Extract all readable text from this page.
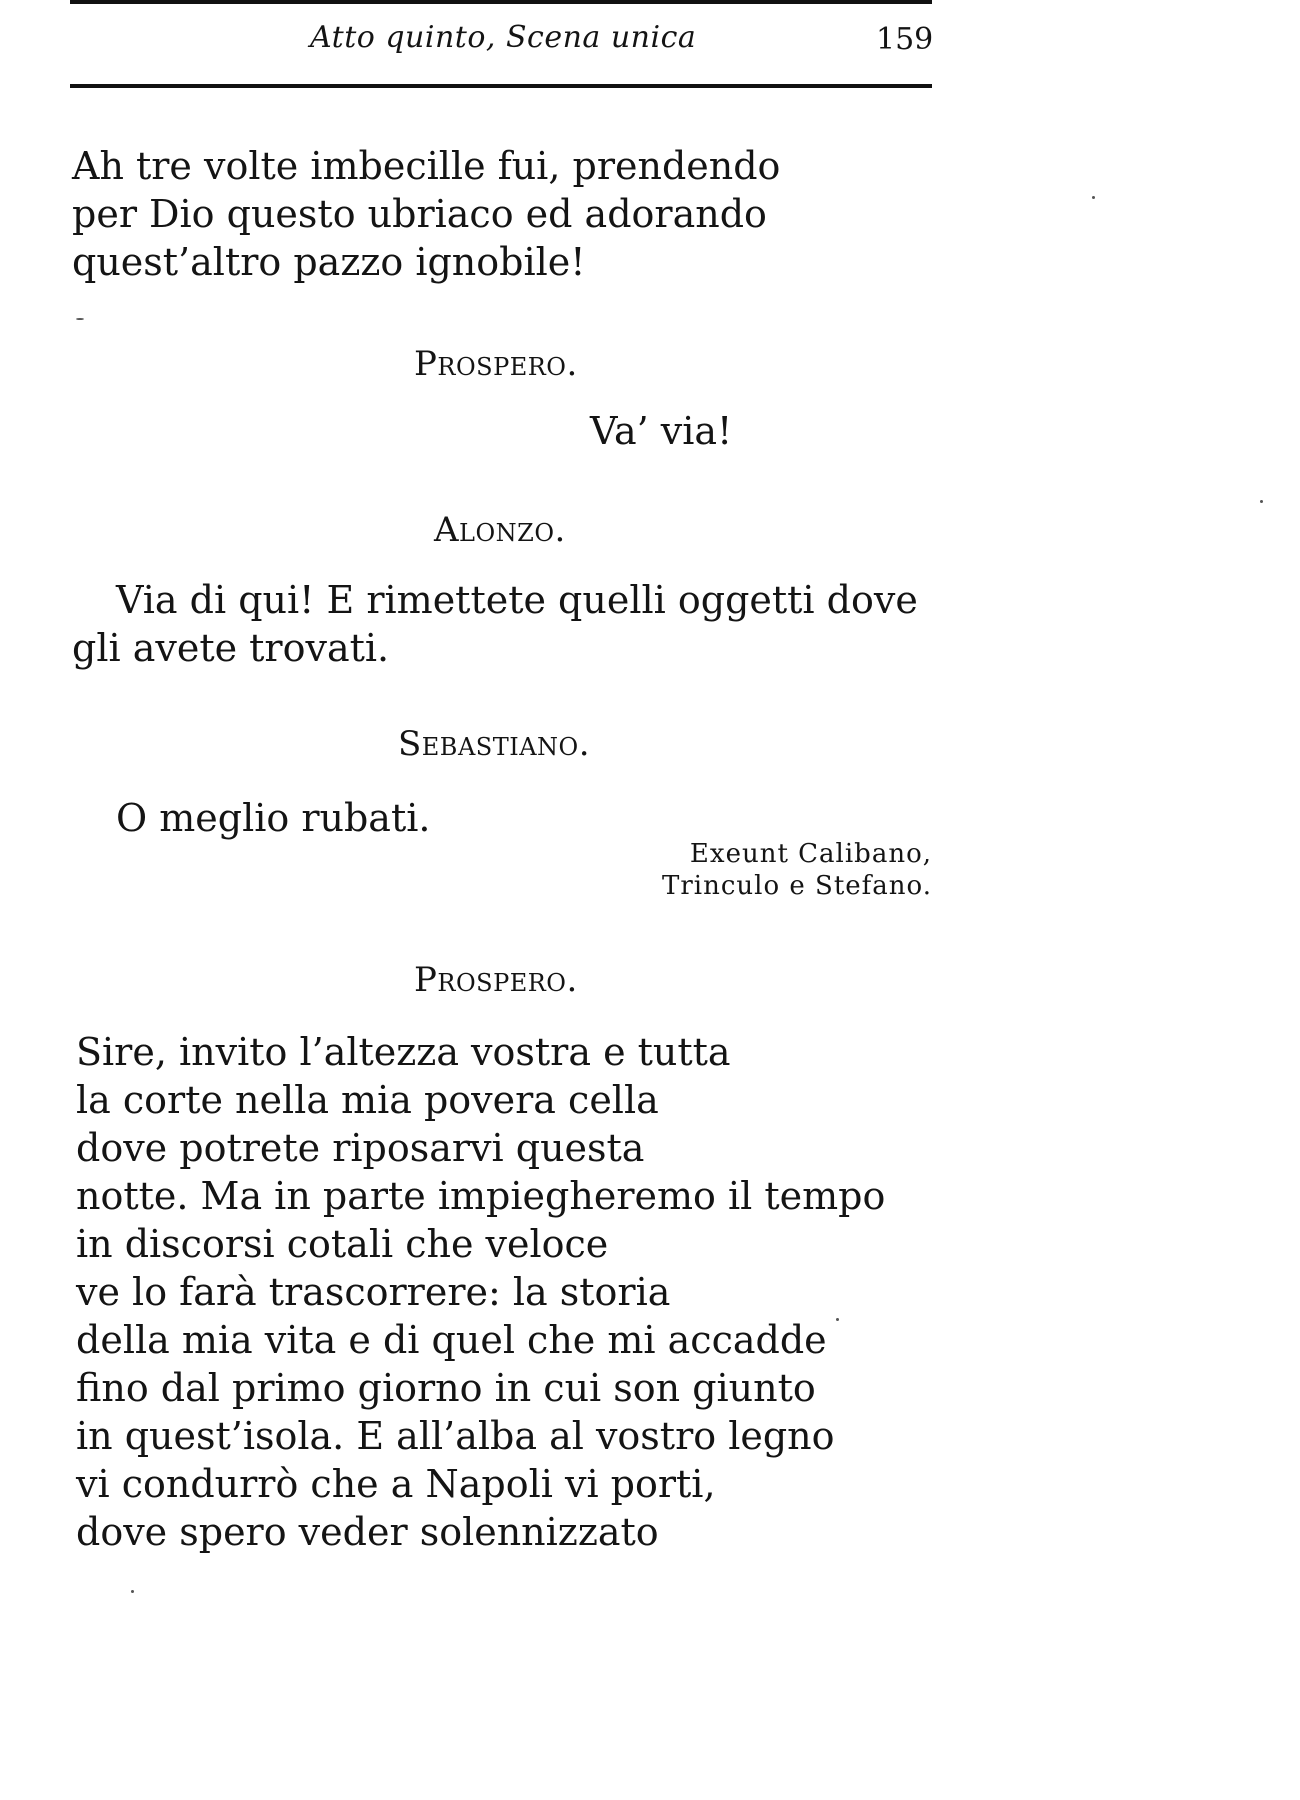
Atto quinto, Scena unica	159
Ah tre volte imbecille fui, prendendo
per Dio questo ubriaco ed adorando
quest’altro pazzo ignobile!
Prospero.
Va’ via!
Alonzo.
Via di qui! E rimettete quelli oggetti dove
gli avete trovati.
Sebastiano.
O meglio rubati.
Exeunt Calibano,
Trinculo e Stefano.
Prospero.
Sire, invito l’altezza vostra e tutta
la corte nella mia povera cella
dove potrete riposarvi questa
notte. Ma in parte impiegheremo il tempo
in discorsi cotali che veloce
ve lo farà trascorrere: la storia
della mia vita e di quel che mi accadde
fino dal primo giorno in cui son giunto
in quest’isola. E all’alba al vostro legno
vi condurrò che a Napoli vi porti,
dove spero veder solennizzato
